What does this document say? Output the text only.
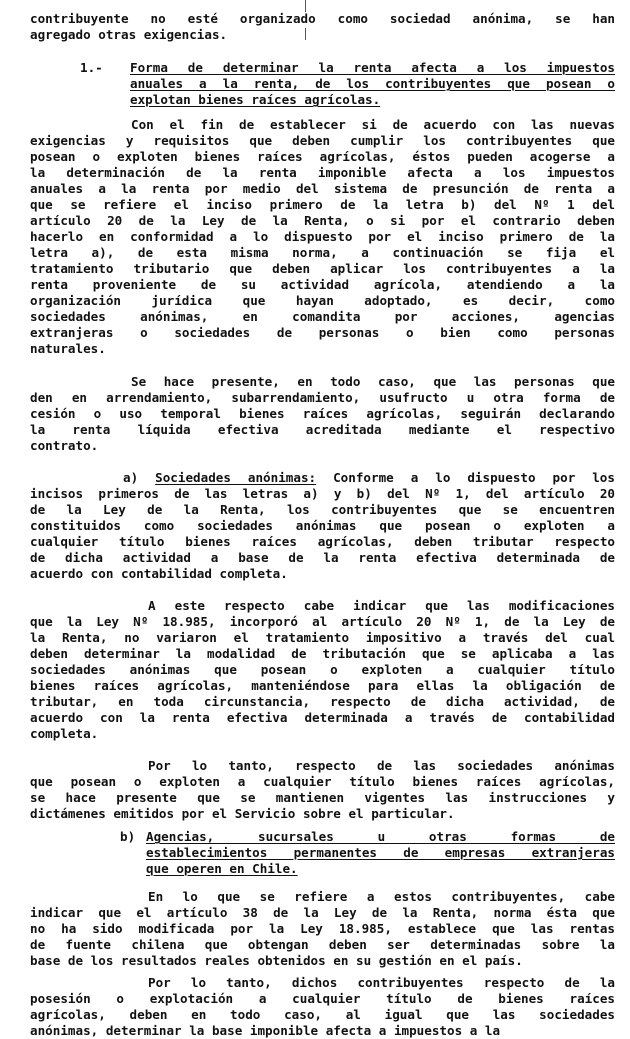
contribuyente no esté organizado como sociedad anónima, se han
agregado otras exigencias.
1.- Forma de determinar la renta afecta a los impuestos
anuales a la renta, de los contribuyentes que posean o
explotan bienes raíces agrícolas.
Con el fin de establecer si de acuerdo con las nuevas
exigencias y requisitos que deben cumplir los contribuyentes que
posean o exploten bienes raíces agrícolas, éstos pueden acogerse a
la determinación de la renta imponible afecta a los impuestos
anuales a la renta por medio del sistema de presunción de renta a
que se refiere el inciso primero de la letra b) del Nº 1 del
artículo 20 de la Ley de la Renta, o si por el contrario deben
hacerlo en conformidad a lo dispuesto por el inciso primero de la
letra a), de esta misma norma, a continuación se fija el
tratamiento tributario que deben aplicar los contribuyentes a la
renta proveniente de su actividad agrícola, atendiendo a la
organización jurídica que hayan adoptado, es decir, como
sociedades anónimas, en comandita por acciones, agencias
extranjeras o sociedades de personas o bien como personas
naturales.
Se hace presente, en todo caso, que las personas que
den en arrendamiento, subarrendamiento, usufructo u otra forma de
cesión o uso temporal bienes raíces agrícolas, seguirán declarando
la renta líquida efectiva acreditada mediante el respectivo
contrato.
a) Sociedades anónimas: Conforme a lo dispuesto por los
incisos primeros de las letras a) y b) del Nº 1, del artículo 20
de la Ley de la Renta, los contribuyentes que se encuentren
constituidos como sociedades anónimas que posean o exploten a
cualquier título bienes raíces agrícolas, deben tributar respecto
de dicha actividad a base de la renta efectiva determinada de
acuerdo con contabilidad completa.
A este respecto cabe indicar que las modificaciones
que la Ley Nº 18.985, incorporó al artículo 20 Nº 1, de la Ley de
la Renta, no variaron el tratamiento impositivo a través del cual
deben determinar la modalidad de tributación que se aplicaba a las
sociedades anónimas que posean o exploten a cualquier título
bienes raíces agrícolas, manteniéndose para ellas la obligación de
tributar, en toda circunstancia, respecto de dicha actividad, de
acuerdo con la renta efectiva determinada a través de contabilidad
completa.
Por lo tanto, respecto de las sociedades anónimas
que posean o exploten a cualquier título bienes raíces agrícolas,
se hace presente que se mantienen vigentes las instrucciones y
dictámenes emitidos por el Servicio sobre el particular.
b) Agencias, sucursales u otras formas de
establecimientos permanentes de empresas extranjeras
que operen en Chile.
En lo que se refiere a estos contribuyentes, cabe
indicar que el artículo 38 de la Ley de la Renta, norma ésta que
no ha sido modificada por la Ley 18.985, establece que las rentas
de fuente chilena que obtengan deben ser determinadas sobre la
base de los resultados reales obtenidos en su gestión en el país.
Por lo tanto, dichos contribuyentes respecto de la
posesión o explotación a cualquier título de bienes raíces
agrícolas, deben en todo caso, al igual que las sociedades
anónimas, determinar la base imponible afecta a impuestos a la
